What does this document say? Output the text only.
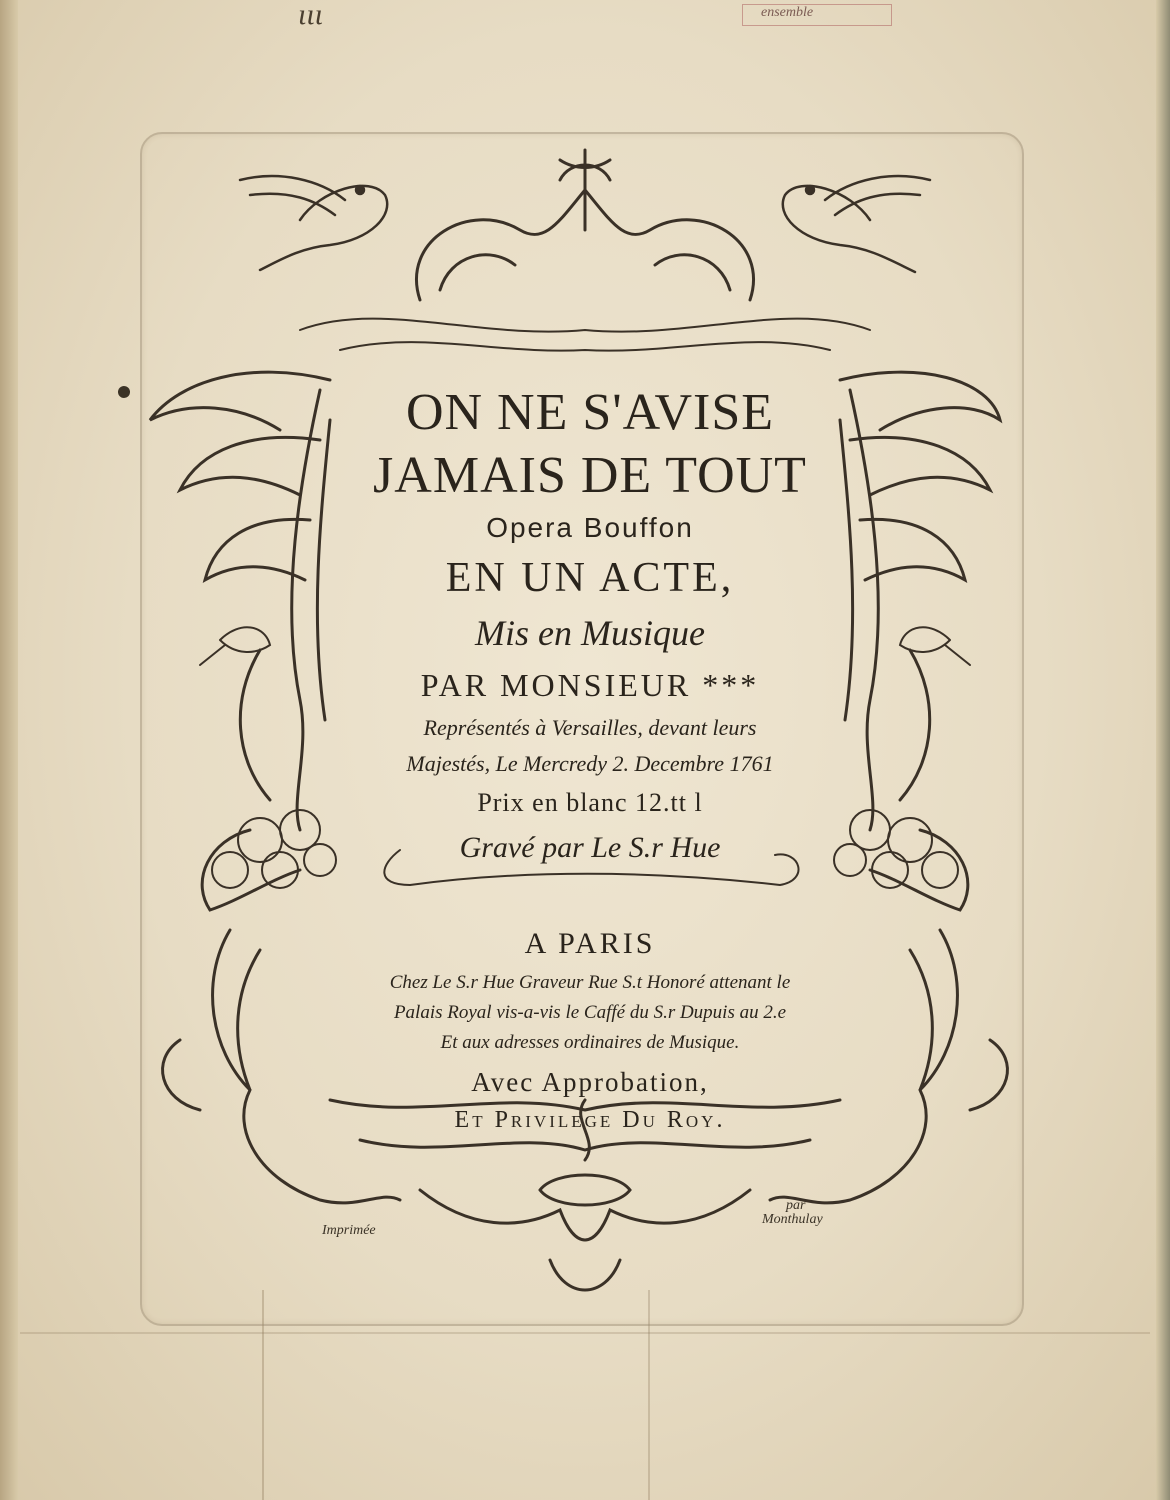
ιιι	ensemble
ON NE S'AVISE
JAMAIS DE TOUT
Opera Bouffon
EN UN ACTE,
Mis en Musique
PAR MONSIEUR ***
Représentés à Versailles, devant leurs
Majestés, Le Mercredy 2. Decembre 1761
Prix en blanc 12.tt l
Gravé par Le S.r Hue
A PARIS
Chez Le S.r Hue Graveur Rue S.t Honoré attenant le
Palais Royal vis-a-vis le Caffé du S.r Dupuis au 2.e
Et aux adresses ordinaires de Musique.
Avec Approbation,
Et Privilege Du Roy.
Imprimée
par
Monthulay
